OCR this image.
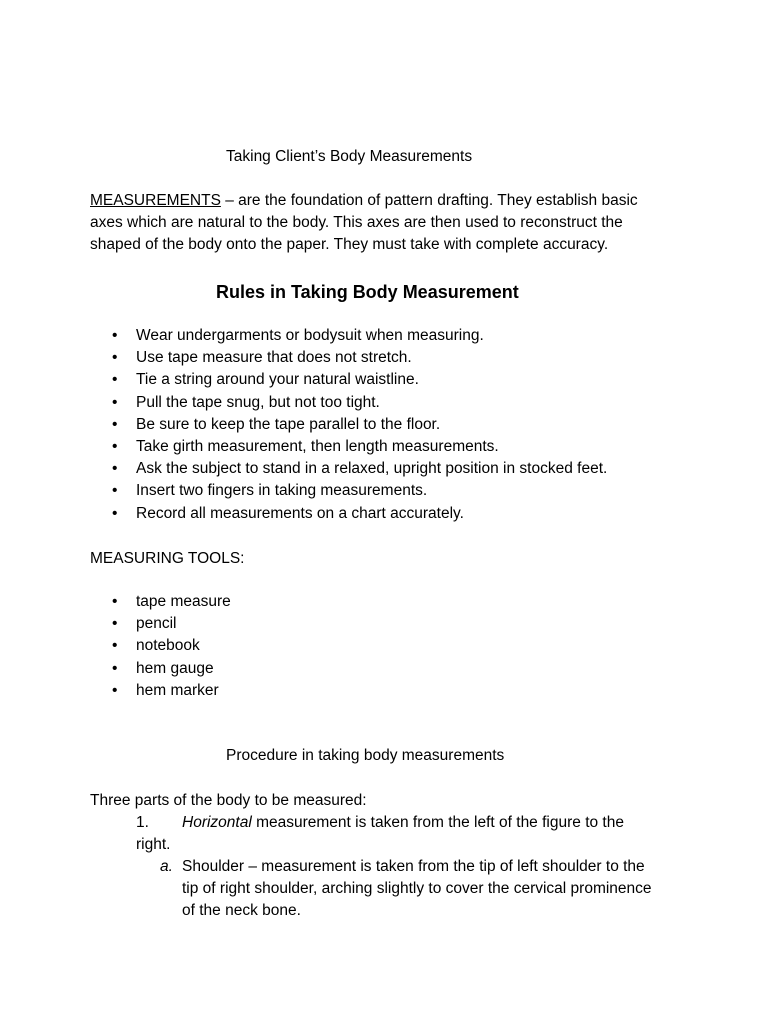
Taking Client’s Body Measurements
MEASUREMENTS – are the foundation of pattern drafting. They establish basic
axes which are natural to the body. This axes are then used to reconstruct the
shaped of the body onto the paper. They must take with complete accuracy.
Rules in Taking Body Measurement
• Wear undergarments or bodysuit when measuring.
• Use tape measure that does not stretch.
• Tie a string around your natural waistline.
• Pull the tape snug, but not too tight.
• Be sure to keep the tape parallel to the floor.
• Take girth measurement, then length measurements.
• Ask the subject to stand in a relaxed, upright position in stocked feet.
• Insert two fingers in taking measurements.
• Record all measurements on a chart accurately.
MEASURING TOOLS:
• tape measure
• pencil
• notebook
• hem gauge
• hem marker
Procedure in taking body measurements
Three parts of the body to be measured:
1. Horizontal measurement is taken from the left of the figure to the
right.
a. Shoulder – measurement is taken from the tip of left shoulder to the
tip of right shoulder, arching slightly to cover the cervical prominence
of the neck bone.
